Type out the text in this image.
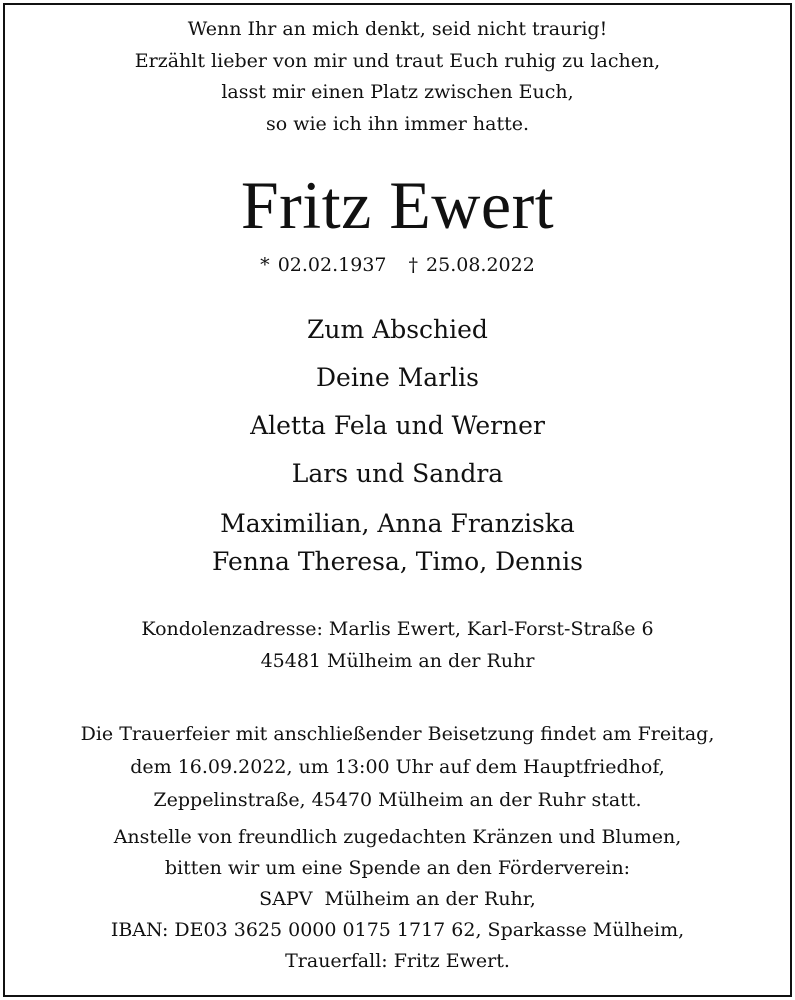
Wenn Ihr an mich denkt, seid nicht traurig!
Erzählt lieber von mir und traut Euch ruhig zu lachen,
lasst mir einen Platz zwischen Euch,
so wie ich ihn immer hatte.
Fritz Ewert
* 02.02.1937 † 25.08.2022
Zum Abschied
Deine Marlis
Aletta Fela und Werner
Lars und Sandra
Maximilian, Anna Franziska
Fenna Theresa, Timo, Dennis
Kondolenzadresse: Marlis Ewert, Karl-Forst-Straße 6
45481 Mülheim an der Ruhr
Die Trauerfeier mit anschließender Beisetzung findet am Freitag,
dem 16.09.2022, um 13:00 Uhr auf dem Hauptfriedhof,
Zeppelinstraße, 45470 Mülheim an der Ruhr statt.
Anstelle von freundlich zugedachten Kränzen und Blumen,
bitten wir um eine Spende an den Förderverein:
SAPV  Mülheim an der Ruhr,
IBAN: DE03 3625 0000 0175 1717 62, Sparkasse Mülheim,
Trauerfall: Fritz Ewert.
